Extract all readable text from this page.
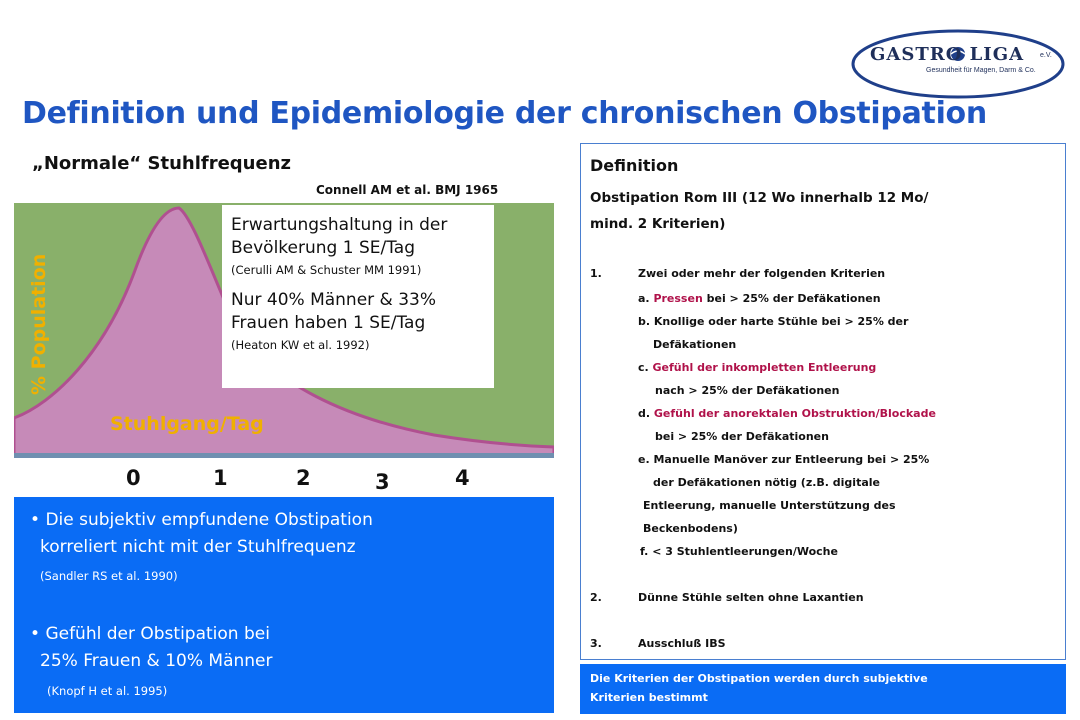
GASTRO LIGA e.V.
Gesundheit für Magen, Darm & Co.
Definition und Epidemiologie der chronischen Obstipation
„Normale“ Stuhlfrequenz
Connell AM et al. BMJ 1965
% Population
Stuhlgang/Tag
0	1	2	3	4
Erwartungshaltung in der
Bevölkerung 1 SE/Tag
(Cerulli AM & Schuster MM 1991)
Nur 40% Männer & 33%
Frauen haben 1 SE/Tag
(Heaton KW et al. 1992)
• Die subjektiv empfundene Obstipation
korreliert nicht mit der Stuhlfrequenz
(Sandler RS et al. 1990)
• Gefühl der Obstipation bei
25% Frauen & 10% Männer
(Knopf H et al. 1995)
Definition
Obstipation Rom III (12 Wo innerhalb 12 Mo/
mind. 2 Kriterien)
1.	Zwei oder mehr der folgenden Kriterien
a. Pressen bei > 25% der Defäkationen
b. Knollige oder harte Stühle bei > 25% der
Defäkationen
c. Gefühl der inkompletten Entleerung
nach > 25% der Defäkationen
d. Gefühl der anorektalen Obstruktion/Blockade
bei > 25% der Defäkationen
e. Manuelle Manöver zur Entleerung bei > 25%
der Defäkationen nötig (z.B. digitale
Entleerung, manuelle Unterstützung des
Beckenbodens)
f. < 3 Stuhlentleerungen/Woche
2.	Dünne Stühle selten ohne Laxantien
3.	Ausschluß IBS
Die Kriterien der Obstipation werden durch subjektive
Kriterien bestimmt
